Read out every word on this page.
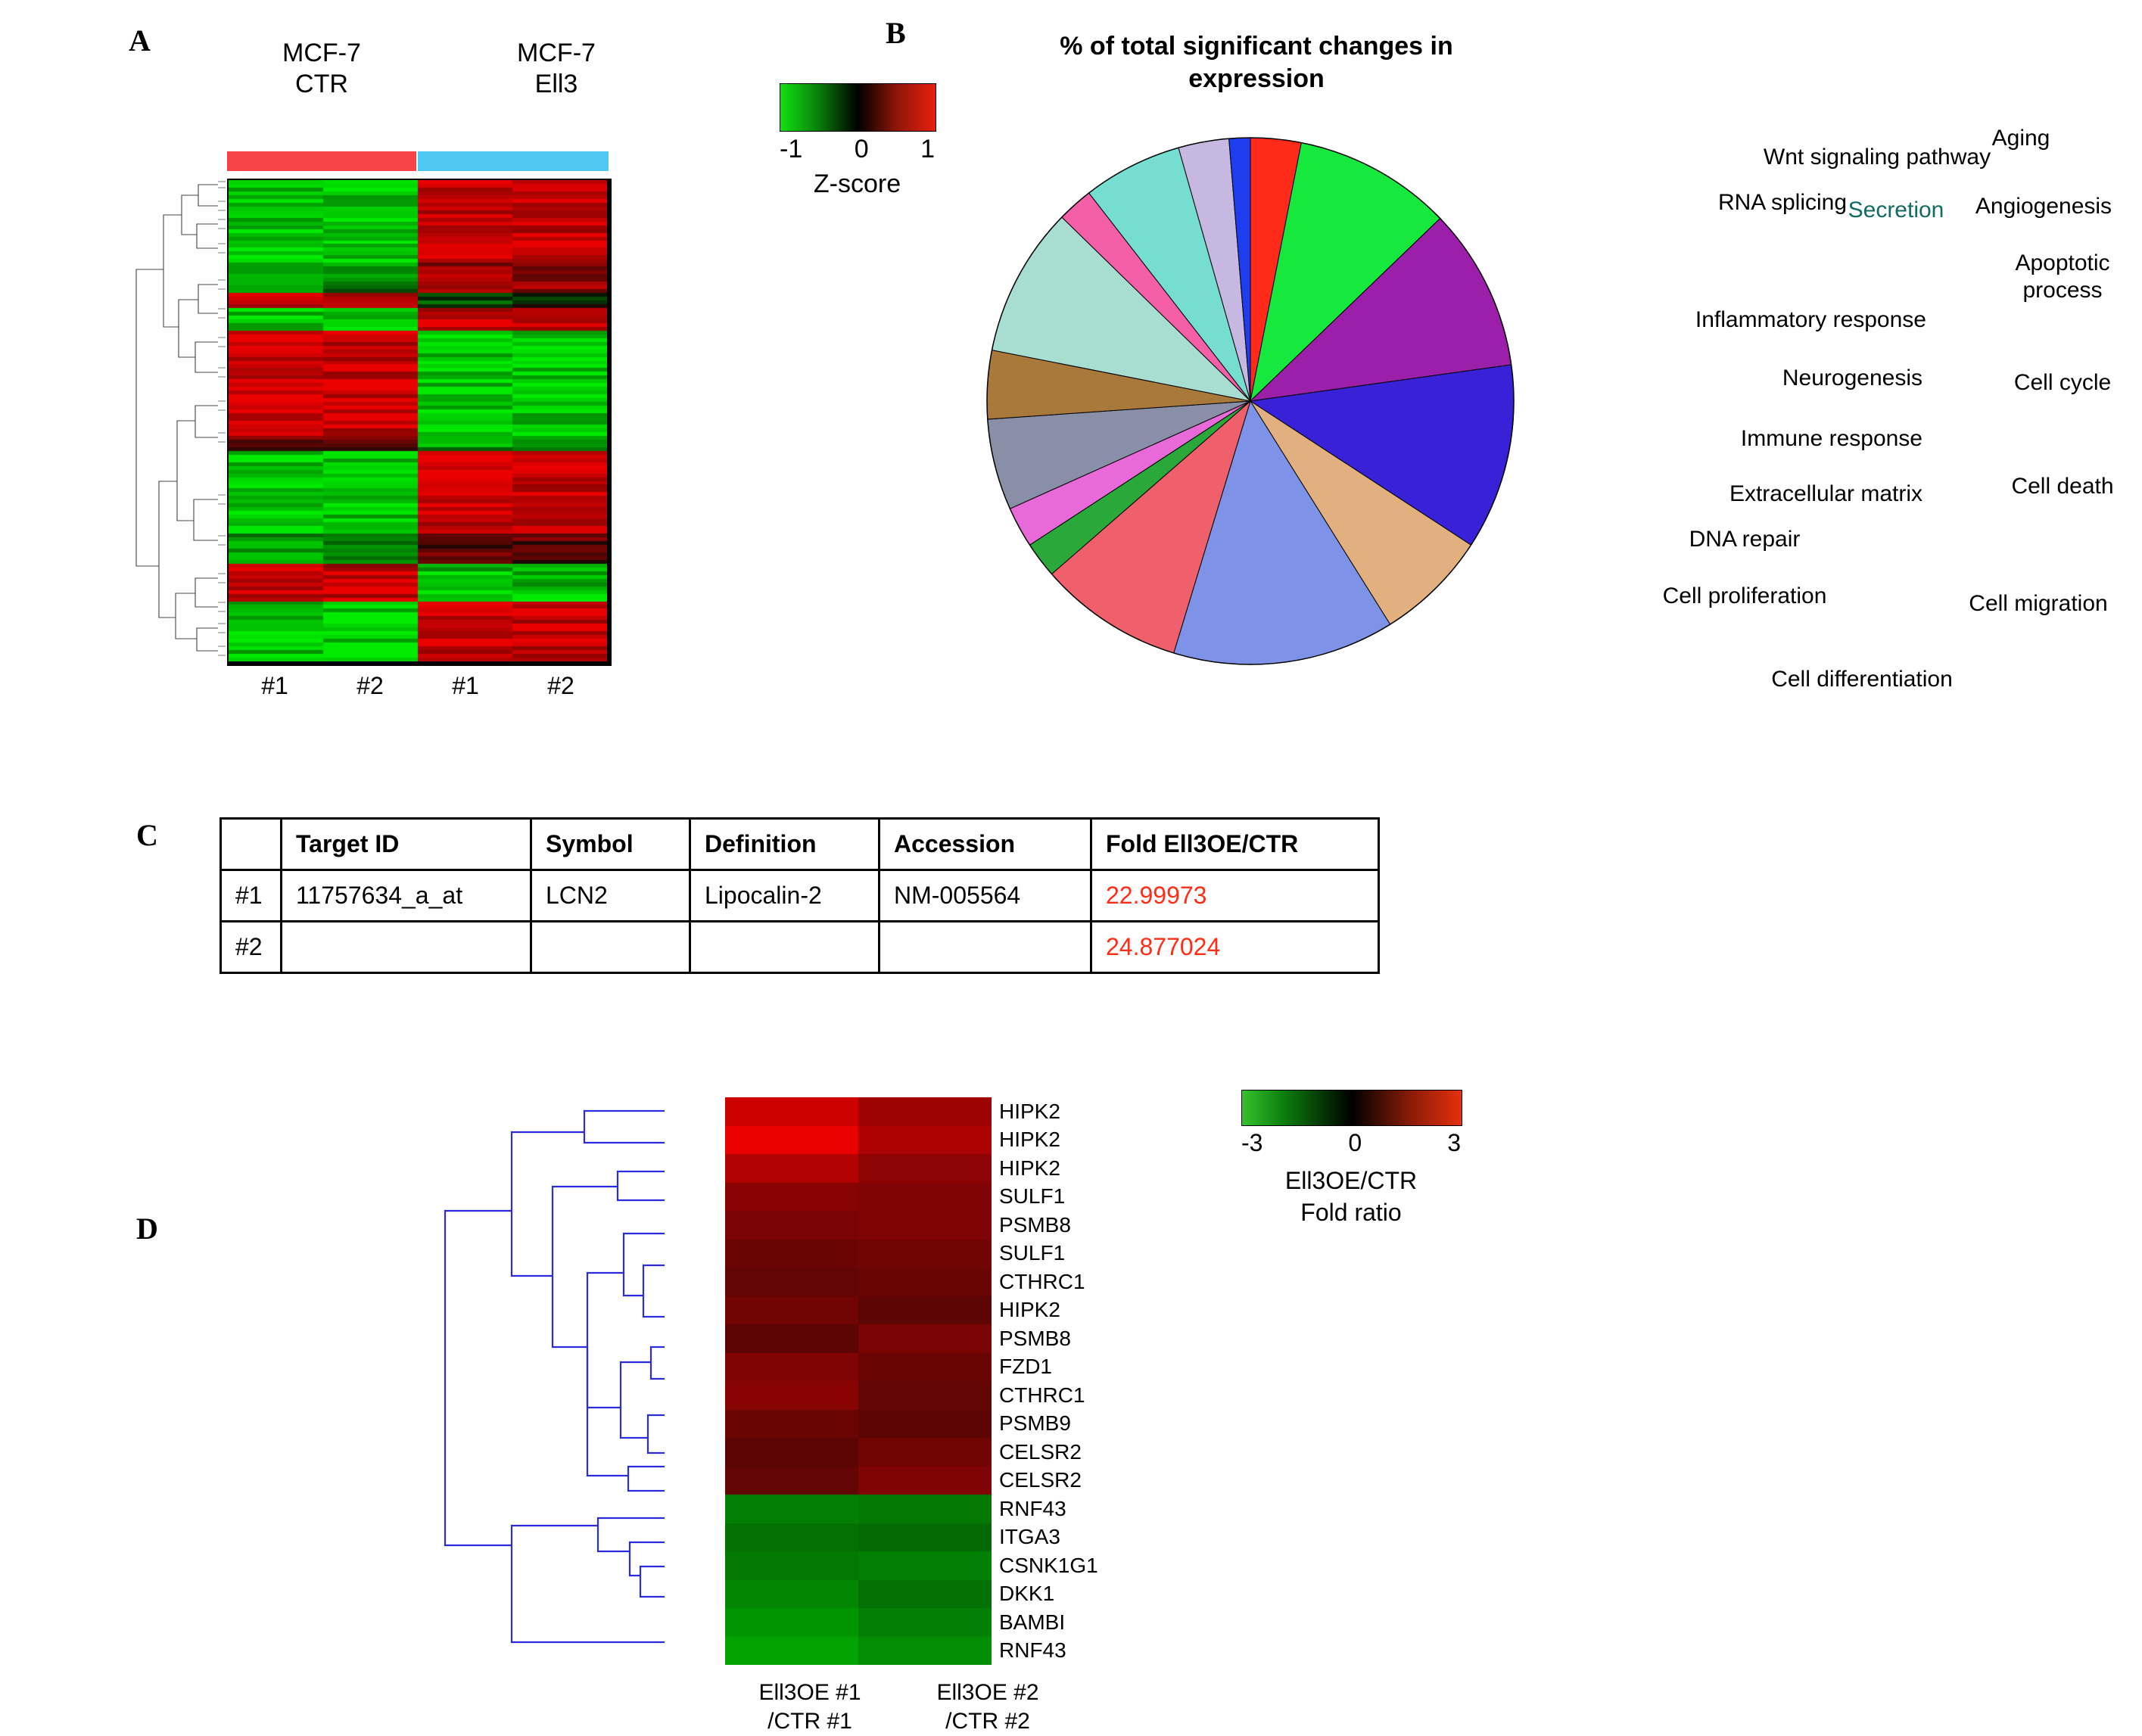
A	MCF-7
CTR
MCF-7
Ell3
#1	#2	#1	#2
-1 0 1
Z-score
B	% of total significant changes in expression
Apoptotic process
Cell cycle
Cell death
Cell migration
Cell differentiation
Cell proliferation
DNA repair
Angiogenesis
Aging
Secretion
Wnt signaling pathway
RNA splicing
Inflammatory response
Neurogenesis
Immune response
Extracellular matrix
C
		Target ID	Symbol	Definition	Accession	Fold Ell3OE/CTR
#1	11757634_a_at	LCN2	Lipocalin-2	NM-005564	22.99973
#2					24.877024
D
HIPK2
HIPK2
HIPK2
SULF1
PSMB8
SULF1
CTHRC1
HIPK2
PSMB8
FZD1
CTHRC1
PSMB9
CELSR2
CELSR2
RNF43
ITGA3
CSNK1G1
DKK1
BAMBI
RNF43
Ell3OE #1
/CTR #1
Ell3OE #2
/CTR #2
-3	0	3
Ell3OE/CTR
Fold ratio
